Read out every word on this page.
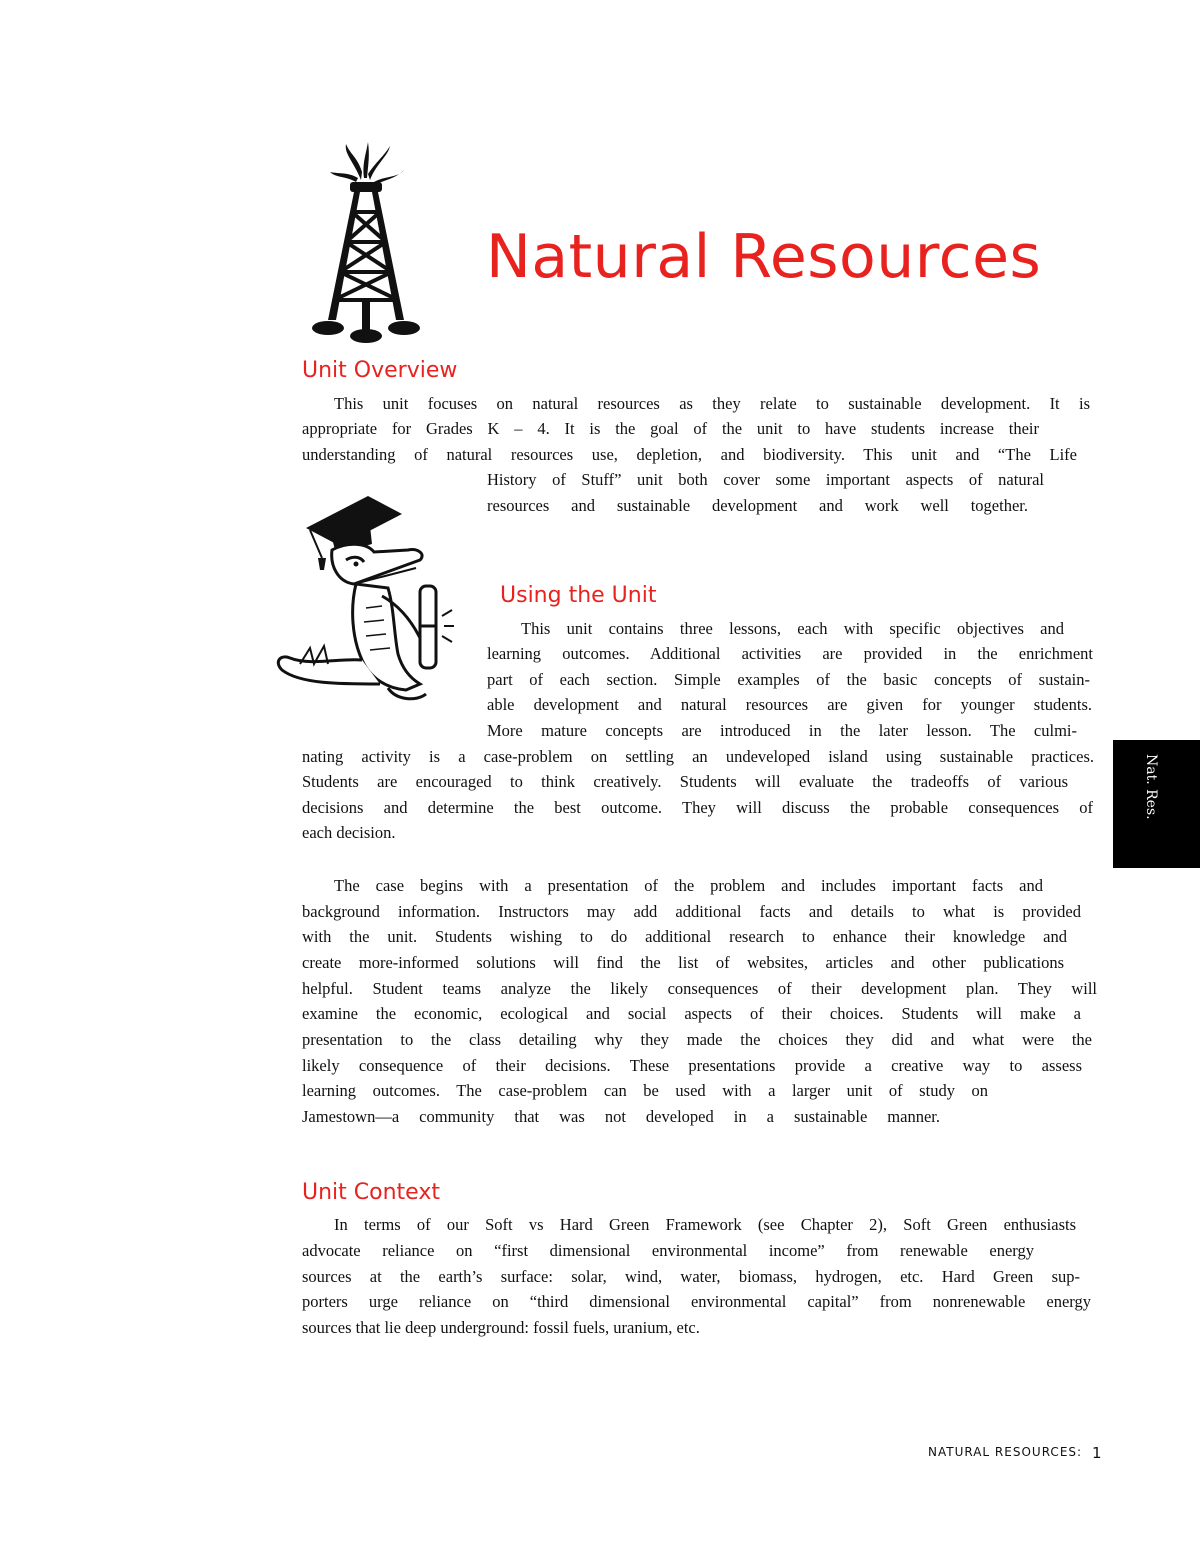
Natural Resources
Unit Overview
This unit focuses on natural resources as they relate to sustainable development. It is
appropriate for Grades K – 4. It is the goal of the unit to have students increase their
understanding of natural resources use, depletion, and biodiversity. This unit and “The Life
History of Stuff” unit both cover some important aspects of natural
resources and sustainable development and work well together.
Using the Unit
This unit contains three lessons, each with specific objectives and
learning outcomes. Additional activities are provided in the enrichment
part of each section. Simple examples of the basic concepts of sustain-
able development and natural resources are given for younger students.
More mature concepts are introduced in the later lesson. The culmi-
nating activity is a case-problem on settling an undeveloped island using sustainable practices.
Students are encouraged to think creatively. Students will evaluate the tradeoffs of various
decisions and determine the best outcome. They will discuss the probable consequences of
each decision.
The case begins with a presentation of the problem and includes important facts and
background information. Instructors may add additional facts and details to what is provided
with the unit. Students wishing to do additional research to enhance their knowledge and
create more-informed solutions will find the list of websites, articles and other publications
helpful. Student teams analyze the likely consequences of their development plan. They will
examine the economic, ecological and social aspects of their choices. Students will make a
presentation to the class detailing why they made the choices they did and what were the
likely consequence of their decisions. These presentations provide a creative way to assess
learning outcomes. The case-problem can be used with a larger unit of study on
Jamestown—a community that was not developed in a sustainable manner.
Unit Context
In terms of our Soft vs Hard Green Framework (see Chapter 2), Soft Green enthusiasts
advocate reliance on “first dimensional environmental income” from renewable energy
sources at the earth’s surface: solar, wind, water, biomass, hydrogen, etc. Hard Green sup-
porters urge reliance on “third dimensional environmental capital” from nonrenewable energy
sources that lie deep underground: fossil fuels, uranium, etc.
Nat. Res.
NATURAL RESOURCES: 1
